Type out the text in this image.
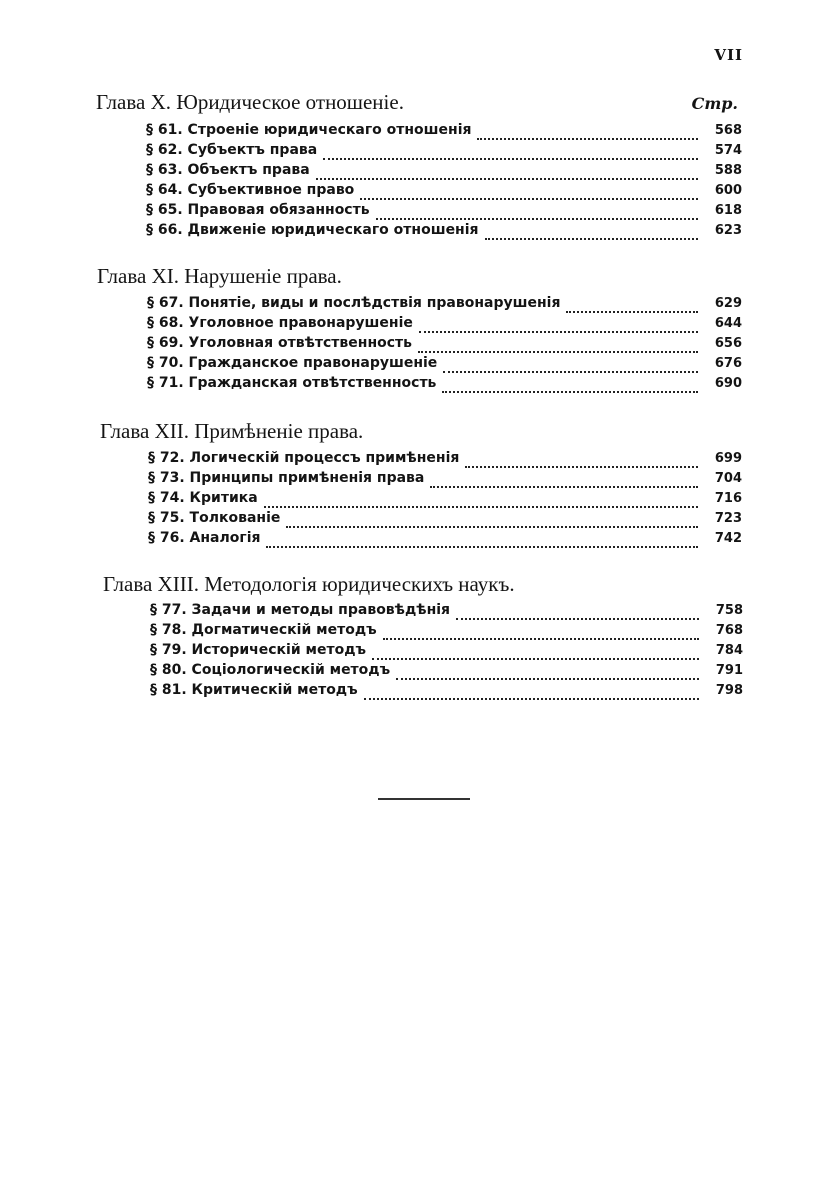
VII
Глава X. Юридическое отношеніе.	Стр.
§ 61. Строеніе юридическаго отношенія	568
§ 62. Субъектъ права	574
§ 63. Объектъ права	588
§ 64. Субъективное право	600
§ 65. Правовая обязанность	618
§ 66. Движеніе юридическаго отношенія	623
Глава XI. Нарушеніе права.
§ 67. Понятіе, виды и послѣдствія правонарушенія	629
§ 68. Уголовное правонарушеніе	644
§ 69. Уголовная отвѣтственность	656
§ 70. Гражданское правонарушеніе	676
§ 71. Гражданская отвѣтственность	690
Глава XII. Примѣненіе права.
§ 72. Логическій процессъ примѣненія	699
§ 73. Принципы примѣненія права	704
§ 74. Критика	716
§ 75. Толкованіе	723
§ 76. Аналогія	742
Глава XIII. Методологія юридическихъ наукъ.
§ 77. Задачи и методы правовѣдѣнія	758
§ 78. Догматическій методъ	768
§ 79. Историческій методъ	784
§ 80. Соціологическій методъ	791
§ 81. Критическій методъ	798
